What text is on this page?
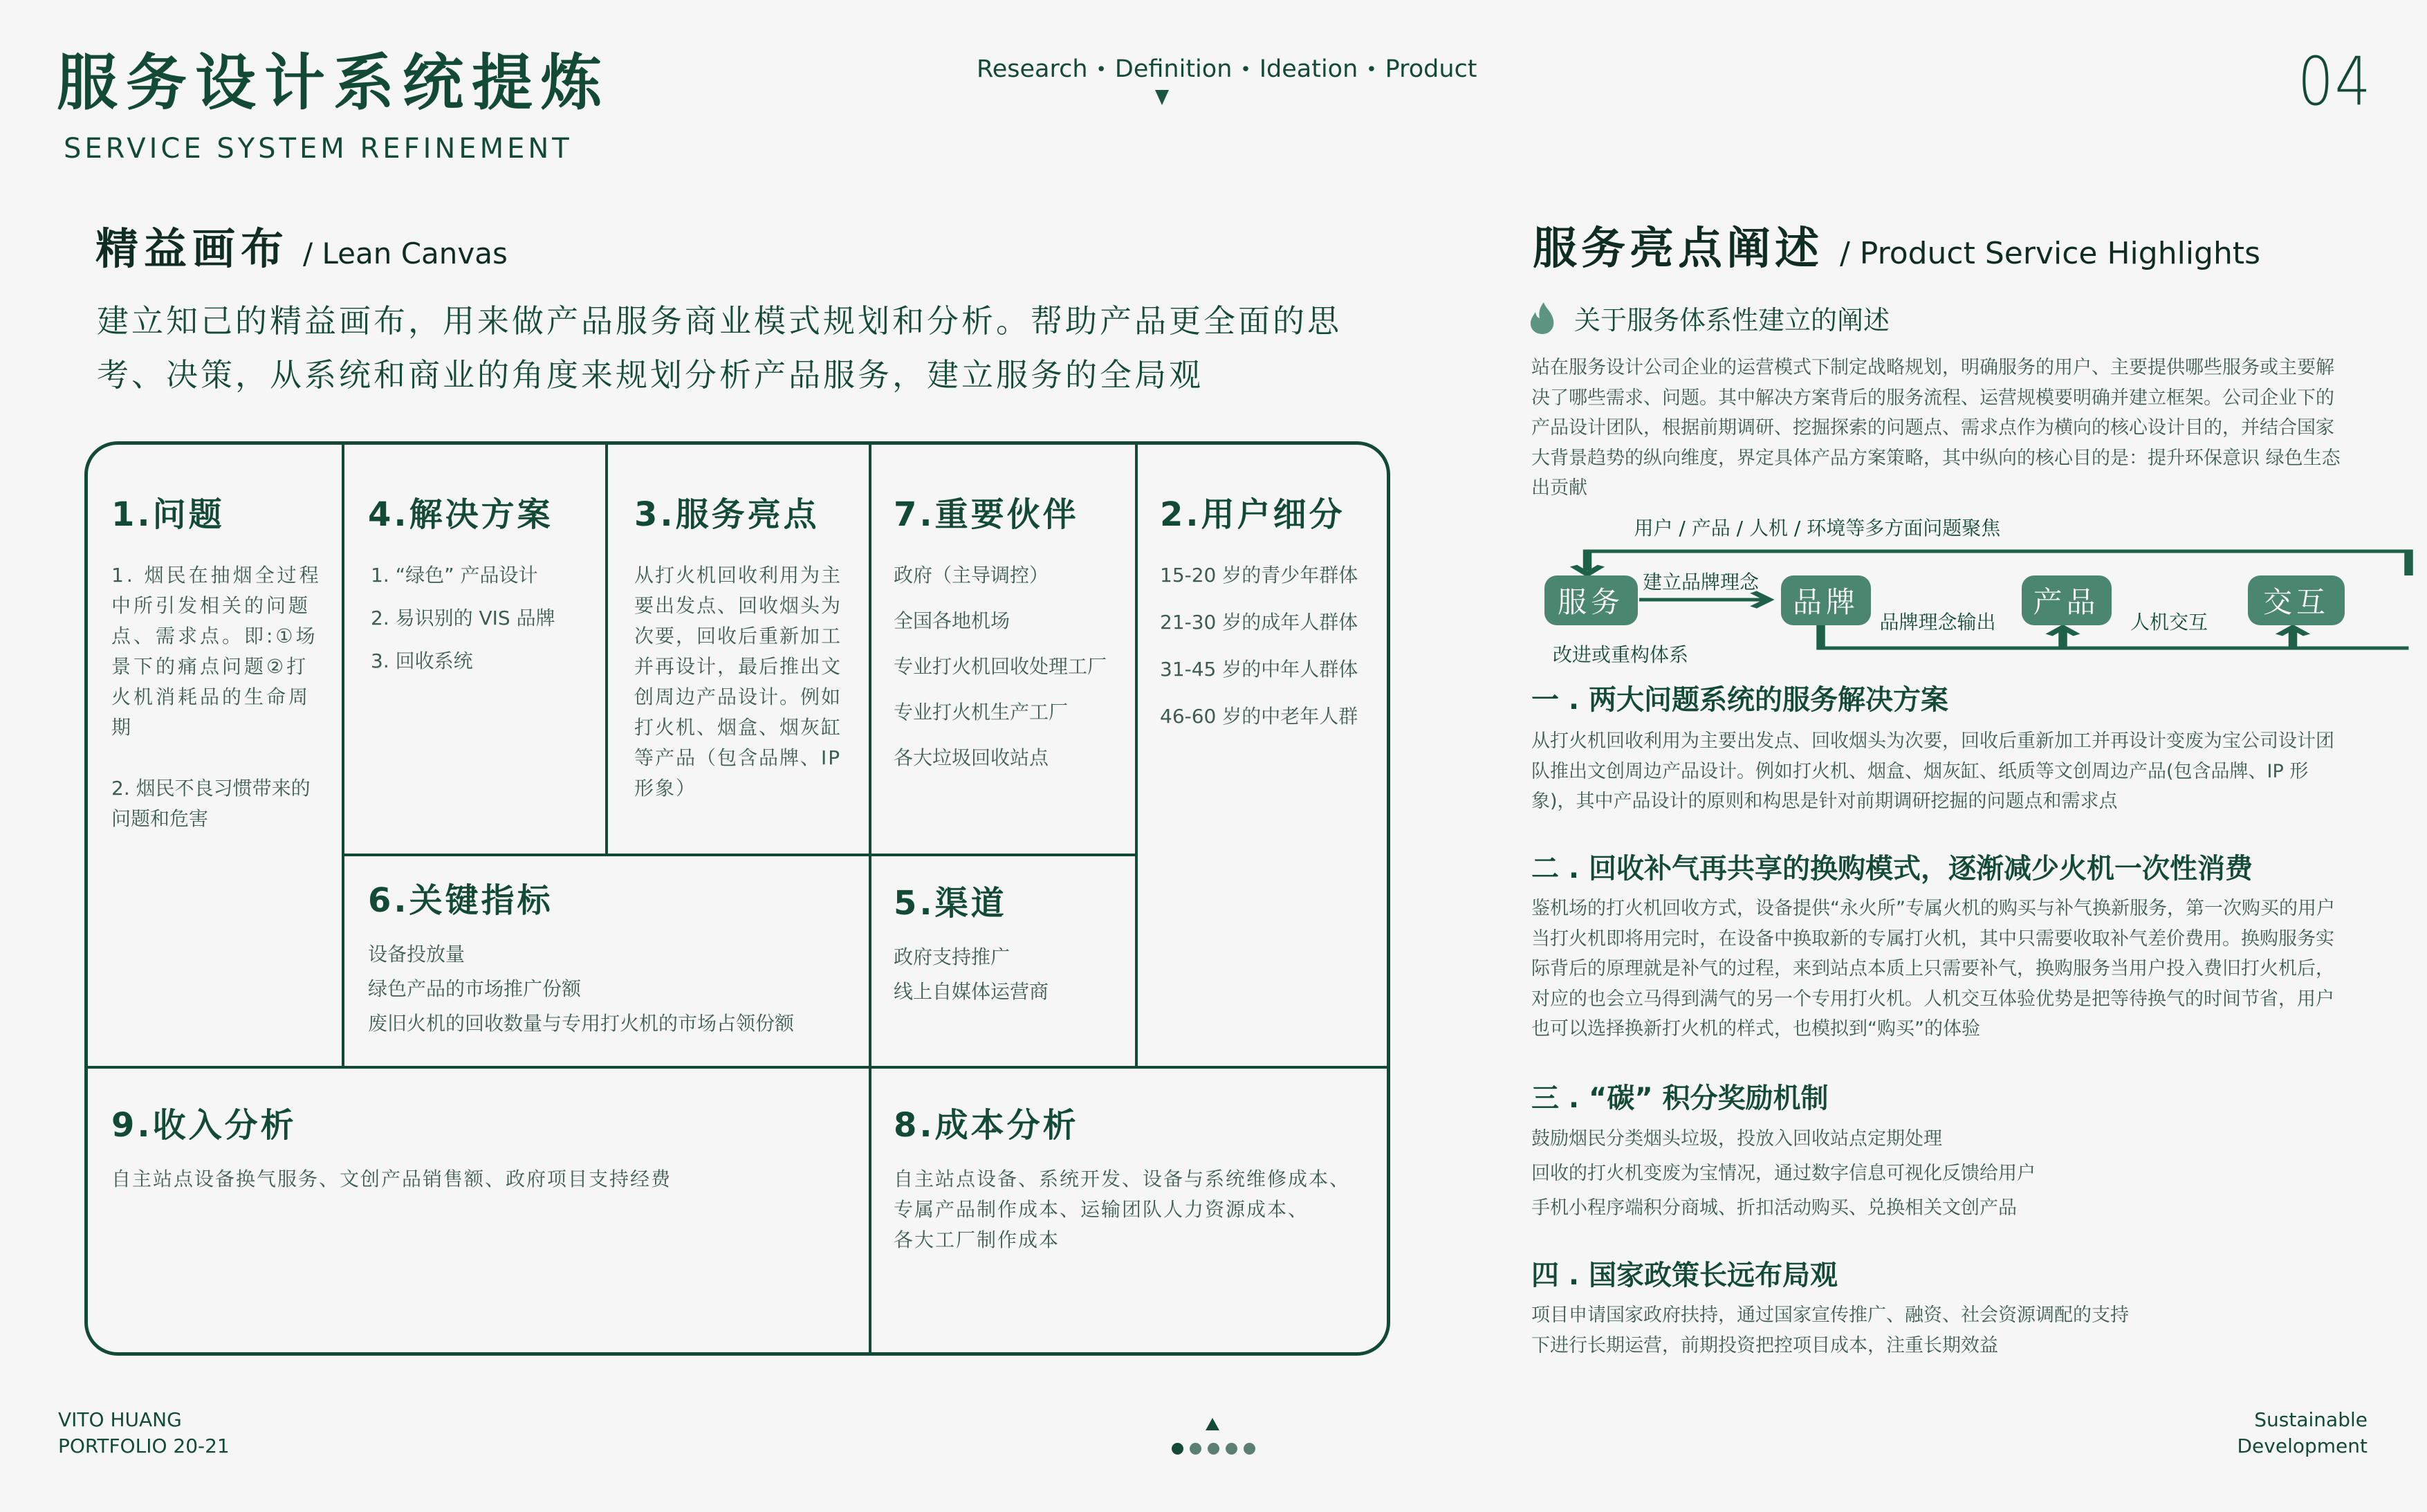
服务设计系统提炼
SERVICE SYSTEM REFINEMENT
Research • Definition • Ideation • Product	04
精益画布 / Lean Canvas
建立知己的精益画布，用来做产品服务商业模式规划和分析。帮助产品更全面的思考、决策，从系统和商业的角度来规划分析产品服务，建立服务的全局观
1.问题
1. 烟民在抽烟全过程中所引发相关的问题点、需求点。即:①场景下的痛点问题②打火机消耗品的生命周期
2. 烟民不良习惯带来的问题和危害
4.解决方案
1. “绿色” 产品设计
2. 易识别的 VIS 品牌
3. 回收系统
3.服务亮点
从打火机回收利用为主要出发点、回收烟头为次要，回收后重新加工并再设计，最后推出文创周边产品设计。例如打火机、烟盒、烟灰缸等产品（包含品牌、IP形象）
7.重要伙伴
政府（主导调控）
全国各地机场
专业打火机回收处理工厂
专业打火机生产工厂
各大垃圾回收站点
2.用户细分
15-20 岁的青少年群体
21-30 岁的成年人群体
31-45 岁的中年人群体
46-60 岁的中老年人群
6.关键指标
设备投放量
绿色产品的市场推广份额
废旧火机的回收数量与专用打火机的市场占领份额
5.渠道
政府支持推广
线上自媒体运营商
9.收入分析
自主站点设备换气服务、文创产品销售额、政府项目支持经费
8.成本分析
自主站点设备、系统开发、设备与系统维修成本、
专属产品制作成本、运输团队人力资源成本、
各大工厂制作成本
服务亮点阐述 / Product Service Highlights
关于服务体系性建立的阐述
站在服务设计公司企业的运营模式下制定战略规划，明确服务的用户、主要提供哪些服务或主要解决了哪些需求、问题。其中解决方案背后的服务流程、运营规模要明确并建立框架。公司企业下的产品设计团队，根据前期调研、挖掘探索的问题点、需求点作为横向的核心设计目的，并结合国家大背景趋势的纵向维度，界定具体产品方案策略，其中纵向的核心目的是：提升环保意识 绿色生态出贡献
用户 / 产品 / 人机 / 环境等多方面问题聚焦
服务
建立品牌理念
品牌
品牌理念输出
产品
人机交互
交互
改进或重构体系
一 . 两大问题系统的服务解决方案
从打火机回收利用为主要出发点、回收烟头为次要，回收后重新加工并再设计变废为宝公司设计团队推出文创周边产品设计。例如打火机、烟盒、烟灰缸、纸质等文创周边产品(包含品牌、IP 形象)，其中产品设计的原则和构思是针对前期调研挖掘的问题点和需求点
二 . 回收补气再共享的换购模式，逐渐减少火机一次性消费
鉴机场的打火机回收方式，设备提供“永火所”专属火机的购买与补气换新服务，第一次购买的用户当打火机即将用完时，在设备中换取新的专属打火机，其中只需要收取补气差价费用。换购服务实际背后的原理就是补气的过程，来到站点本质上只需要补气，换购服务当用户投入费旧打火机后，对应的也会立马得到满气的另一个专用打火机。人机交互体验优势是把等待换气的时间节省，用户也可以选择换新打火机的样式，也模拟到“购买”的体验
三 . “碳” 积分奖励机制
鼓励烟民分类烟头垃圾，投放入回收站点定期处理
回收的打火机变废为宝情况，通过数字信息可视化反馈给用户
手机小程序端积分商城、折扣活动购买、兑换相关文创产品
四 . 国家政策长远布局观
项目申请国家政府扶持，通过国家宣传推广、融资、社会资源调配的支持
下进行长期运营，前期投资把控项目成本，注重长期效益
VITO HUANG
PORTFOLIO 20-21
Sustainable
Development
